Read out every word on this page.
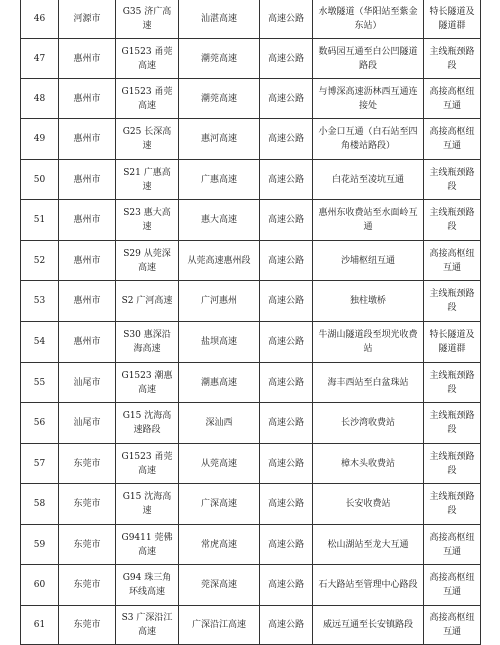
46	河源市	G35 济广高速	汕湛高速	高速公路	水墩隧道（华阳站至紫金东站）	特长隧道及隧道群
47	惠州市	G1523 甬莞高速	潮莞高速	高速公路	数码园互通至白公凹隧道路段	主线瓶颈路段
48	惠州市	G1523 甬莞高速	潮莞高速	高速公路	与博深高速沥林西互通连接处	高接高枢纽互通
49	惠州市	G25 长深高速	惠河高速	高速公路	小金口互通（白石站至四角楼站路段）	高接高枢纽互通
50	惠州市	S21 广惠高速	广惠高速	高速公路	白花站至凌坑互通	主线瓶颈路段
51	惠州市	S23 惠大高速	惠大高速	高速公路	惠州东收费站至水面岭互通	主线瓶颈路段
52	惠州市	S29 从莞深高速	从莞高速惠州段	高速公路	沙埔枢纽互通	高接高枢纽互通
53	惠州市	S2 广河高速	广河惠州	高速公路	独柱墩桥	主线瓶颈路段
54	惠州市	S30 惠深沿海高速	盐坝高速	高速公路	牛湖山隧道段至坝光收费站	特长隧道及隧道群
55	汕尾市	G1523 潮惠高速	潮惠高速	高速公路	海丰西站至白盆珠站	主线瓶颈路段
56	汕尾市	G15 沈海高速路段	深汕西	高速公路	长沙湾收费站	主线瓶颈路段
57	东莞市	G1523 甬莞高速	从莞高速	高速公路	樟木头收费站	主线瓶颈路段
58	东莞市	G15 沈海高速	广深高速	高速公路	长安收费站	主线瓶颈路段
59	东莞市	G9411 莞佛高速	常虎高速	高速公路	松山湖站至龙大互通	高接高枢纽互通
60	东莞市	G94 珠三角环线高速	莞深高速	高速公路	石大路站至管理中心路段	高接高枢纽互通
61	东莞市	S3 广深沿江高速	广深沿江高速	高速公路	威远互通至长安镇路段	高接高枢纽互通
